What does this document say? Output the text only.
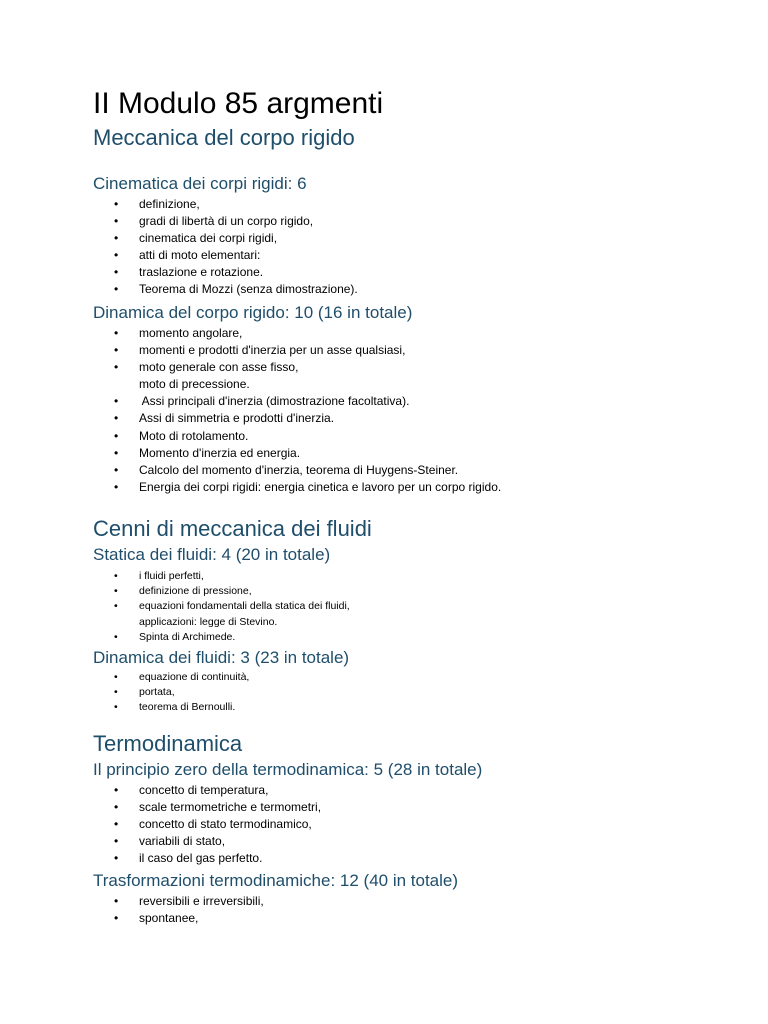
II Modulo 85 argmenti
Meccanica del corpo rigido
Cinematica dei corpi rigidi: 6
• definizione,
• gradi di libertà di un corpo rigido,
• cinematica dei corpi rigidi,
• atti di moto elementari:
• traslazione e rotazione.
• Teorema di Mozzi (senza dimostrazione).
Dinamica del corpo rigido: 10 (16 in totale)
• momento angolare,
• momenti e prodotti d'inerzia per un asse qualsiasi,
• moto generale con asse fisso,
moto di precessione.
•  Assi principali d'inerzia (dimostrazione facoltativa).
• Assi di simmetria e prodotti d'inerzia.
• Moto di rotolamento.
• Momento d'inerzia ed energia.
• Calcolo del momento d'inerzia, teorema di Huygens-Steiner.
• Energia dei corpi rigidi: energia cinetica e lavoro per un corpo rigido.
Cenni di meccanica dei fluidi
Statica dei fluidi: 4 (20 in totale)
• i fluidi perfetti,
• definizione di pressione,
• equazioni fondamentali della statica dei fluidi,
applicazioni: legge di Stevino.
• Spinta di Archimede.
Dinamica dei fluidi: 3 (23 in totale)
• equazione di continuità,
• portata,
• teorema di Bernoulli.
Termodinamica
Il principio zero della termodinamica: 5 (28 in totale)
• concetto di temperatura,
• scale termometriche e termometri,
• concetto di stato termodinamico,
• variabili di stato,
• il caso del gas perfetto.
Trasformazioni termodinamiche: 12 (40 in totale)
• reversibili e irreversibili,
• spontanee,
